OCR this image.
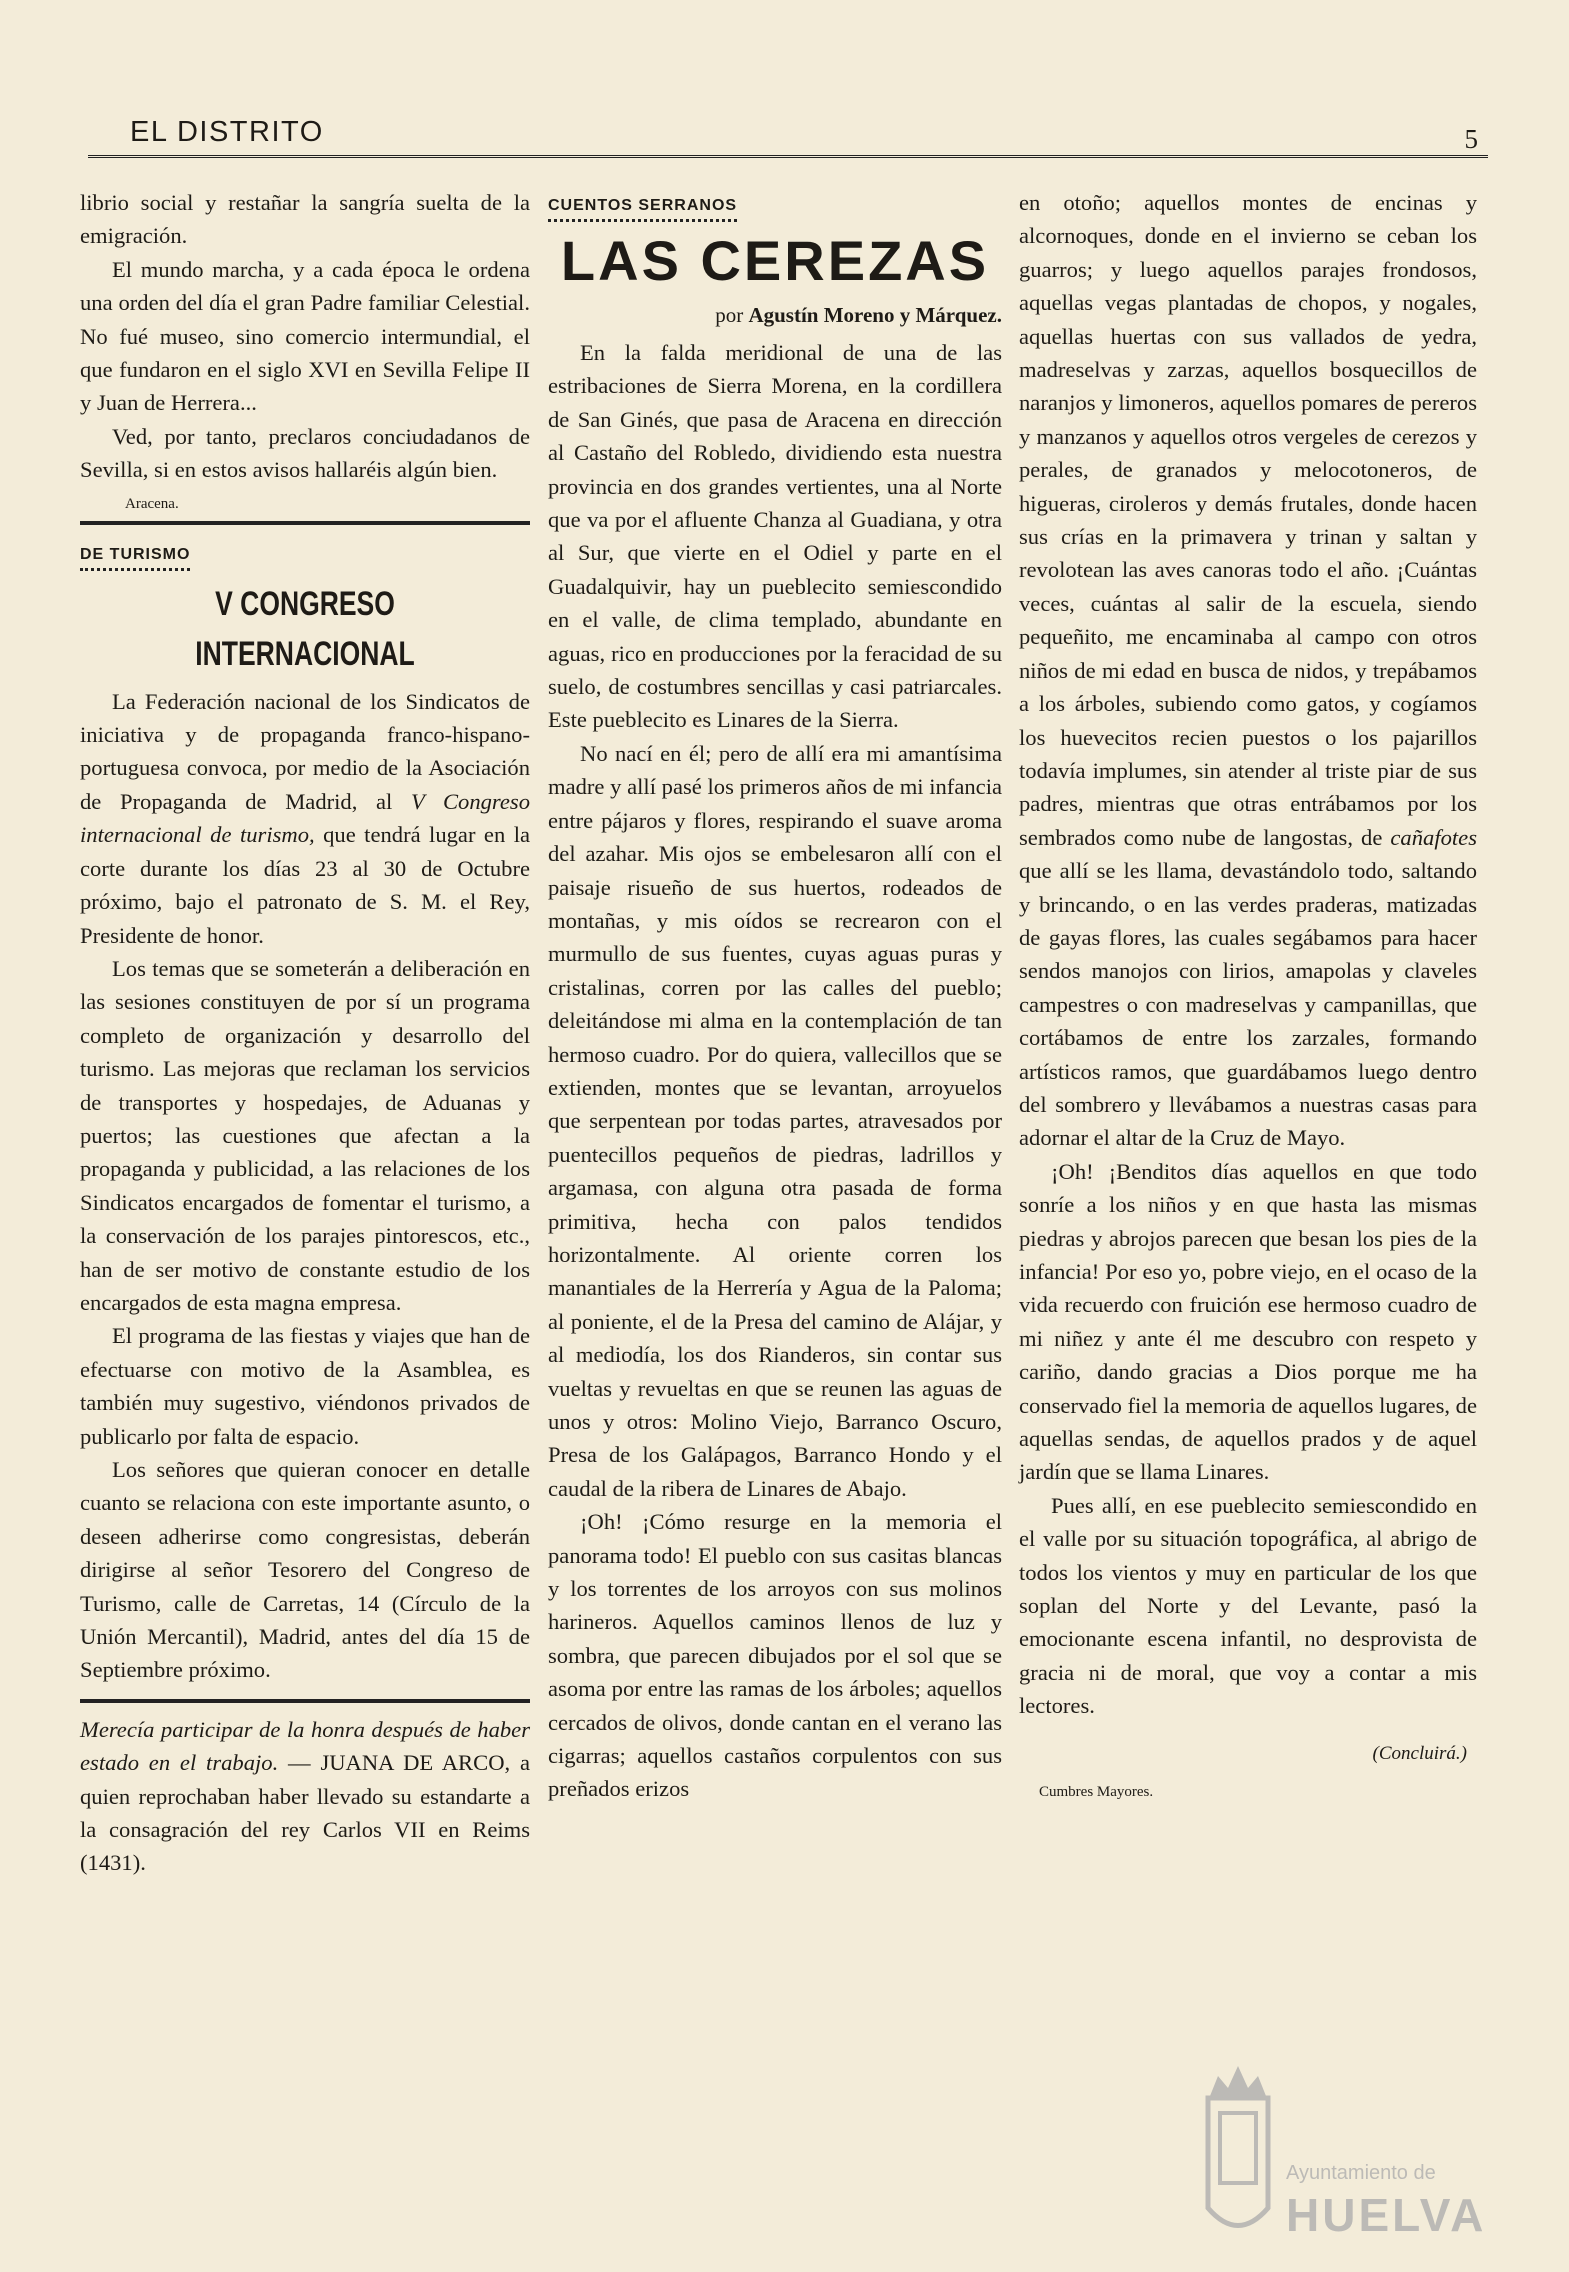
EL DISTRITO	5

librio social y restañar la sangría suelta de la emigración.

El mundo marcha, y a cada época le ordena una orden del día el gran Padre familiar Celestial. No fué museo, sino comercio intermundial, el que fundaron en el siglo XVI en Sevilla Felipe II y Juan de Herrera...

Ved, por tanto, preclaros conciudadanos de Sevilla, si en estos avisos hallaréis algún bien.

Aracena.
DE TURISMO
V CONGRESO INTERNACIONAL

La Federación nacional de los Sindicatos de iniciativa y de propaganda franco-hispano-portuguesa convoca, por medio de la Asociación de Propaganda de Madrid, al V Congreso internacional de turismo, que tendrá lugar en la corte durante los días 23 al 30 de Octubre próximo, bajo el patronato de S. M. el Rey, Presidente de honor.

Los temas que se someterán a deliberación en las sesiones constituyen de por sí un programa completo de organización y desarrollo del turismo. Las mejoras que reclaman los servicios de transportes y hospedajes, de Aduanas y puertos; las cuestiones que afectan a la propaganda y publicidad, a las relaciones de los Sindicatos encargados de fomentar el turismo, a la conservación de los parajes pintorescos, etc., han de ser motivo de constante estudio de los encargados de esta magna empresa.

El programa de las fiestas y viajes que han de efectuarse con motivo de la Asamblea, es también muy sugestivo, viéndonos privados de publicarlo por falta de espacio.

Los señores que quieran conocer en detalle cuanto se relaciona con este importante asunto, o deseen adherirse como congresistas, deberán dirigirse al señor Tesorero del Congreso de Turismo, calle de Carretas, 14 (Círculo de la Unión Mercantil), Madrid, antes del día 15 de Septiembre próximo.

Merecía participar de la honra después de haber estado en el trabajo. — JUANA DE ARCO, a quien reprochaban haber llevado su estandarte a la consagración del rey Carlos VII en Reims (1431).
CUENTOS SERRANOS
LAS CEREZAS
por Agustín Moreno y Márquez.

En la falda meridional de una de las estribaciones de Sierra Morena, en la cordillera de San Ginés, que pasa de Aracena en dirección al Castaño del Robledo, dividiendo esta nuestra provincia en dos grandes vertientes, una al Norte que va por el afluente Chanza al Guadiana, y otra al Sur, que vierte en el Odiel y parte en el Guadalquivir, hay un pueblecito semiescondido en el valle, de clima templado, abundante en aguas, rico en producciones por la feracidad de su suelo, de costumbres sencillas y casi patriarcales. Este pueblecito es Linares de la Sierra.

No nací en él; pero de allí era mi amantísima madre y allí pasé los primeros años de mi infancia entre pájaros y flores, respirando el suave aroma del azahar. Mis ojos se embelesaron allí con el paisaje risueño de sus huertos, rodeados de montañas, y mis oídos se recrearon con el murmullo de sus fuentes, cuyas aguas puras y cristalinas, corren por las calles del pueblo; deleitándose mi alma en la contemplación de tan hermoso cuadro. Por do quiera, vallecillos que se extienden, montes que se levantan, arroyuelos que serpentean por todas partes, atravesados por puentecillos pequeños de piedras, ladrillos y argamasa, con alguna otra pasada de forma primitiva, hecha con palos tendidos horizontalmente. Al oriente corren los manantiales de la Herrería y Agua de la Paloma; al poniente, el de la Presa del camino de Alájar, y al mediodía, los dos Rianderos, sin contar sus vueltas y revueltas en que se reunen las aguas de unos y otros: Molino Viejo, Barranco Oscuro, Presa de los Galápagos, Barranco Hondo y el caudal de la ribera de Linares de Abajo.

¡Oh! ¡Cómo resurge en la memoria el panorama todo! El pueblo con sus casitas blancas y los torrentes de los arroyos con sus molinos harineros. Aquellos caminos llenos de luz y sombra, que parecen dibujados por el sol que se asoma por entre las ramas de los árboles; aquellos cercados de olivos, donde cantan en el verano las cigarras; aquellos castaños corpulentos con sus preñados erizos

en otoño; aquellos montes de encinas y alcornoques, donde en el invierno se ceban los guarros; y luego aquellos parajes frondosos, aquellas vegas plantadas de chopos, y nogales, aquellas huertas con sus vallados de yedra, madreselvas y zarzas, aquellos bosquecillos de naranjos y limoneros, aquellos pomares de pereros y manzanos y aquellos otros vergeles de cerezos y perales, de granados y melocotoneros, de higueras, ciroleros y demás frutales, donde hacen sus crías en la primavera y trinan y saltan y revolotean las aves canoras todo el año. ¡Cuántas veces, cuántas al salir de la escuela, siendo pequeñito, me encaminaba al campo con otros niños de mi edad en busca de nidos, y trepábamos a los árboles, subiendo como gatos, y cogíamos los huevecitos recien puestos o los pajarillos todavía implumes, sin atender al triste piar de sus padres, mientras que otras entrábamos por los sembrados como nube de langostas, de cañafotes que allí se les llama, devastándolo todo, saltando y brincando, o en las verdes praderas, matizadas de gayas flores, las cuales segábamos para hacer sendos manojos con lirios, amapolas y claveles campestres o con madreselvas y campanillas, que cortábamos de entre los zarzales, formando artísticos ramos, que guardábamos luego dentro del sombrero y llevábamos a nuestras casas para adornar el altar de la Cruz de Mayo.

¡Oh! ¡Benditos días aquellos en que todo sonríe a los niños y en que hasta las mismas piedras y abrojos parecen que besan los pies de la infancia! Por eso yo, pobre viejo, en el ocaso de la vida recuerdo con fruición ese hermoso cuadro de mi niñez y ante él me descubro con respeto y cariño, dando gracias a Dios porque me ha conservado fiel la memoria de aquellos lugares, de aquellas sendas, de aquellos prados y de aquel jardín que se llama Linares.

Pues allí, en ese pueblecito semiescondido en el valle por su situación topográfica, al abrigo de todos los vientos y muy en particular de los que soplan del Norte y del Levante, pasó la emocionante escena infantil, no desprovista de gracia ni de moral, que voy a contar a mis lectores.

(Concluirá.)
Cumbres Mayores.
Ayuntamiento de
HUELVA
